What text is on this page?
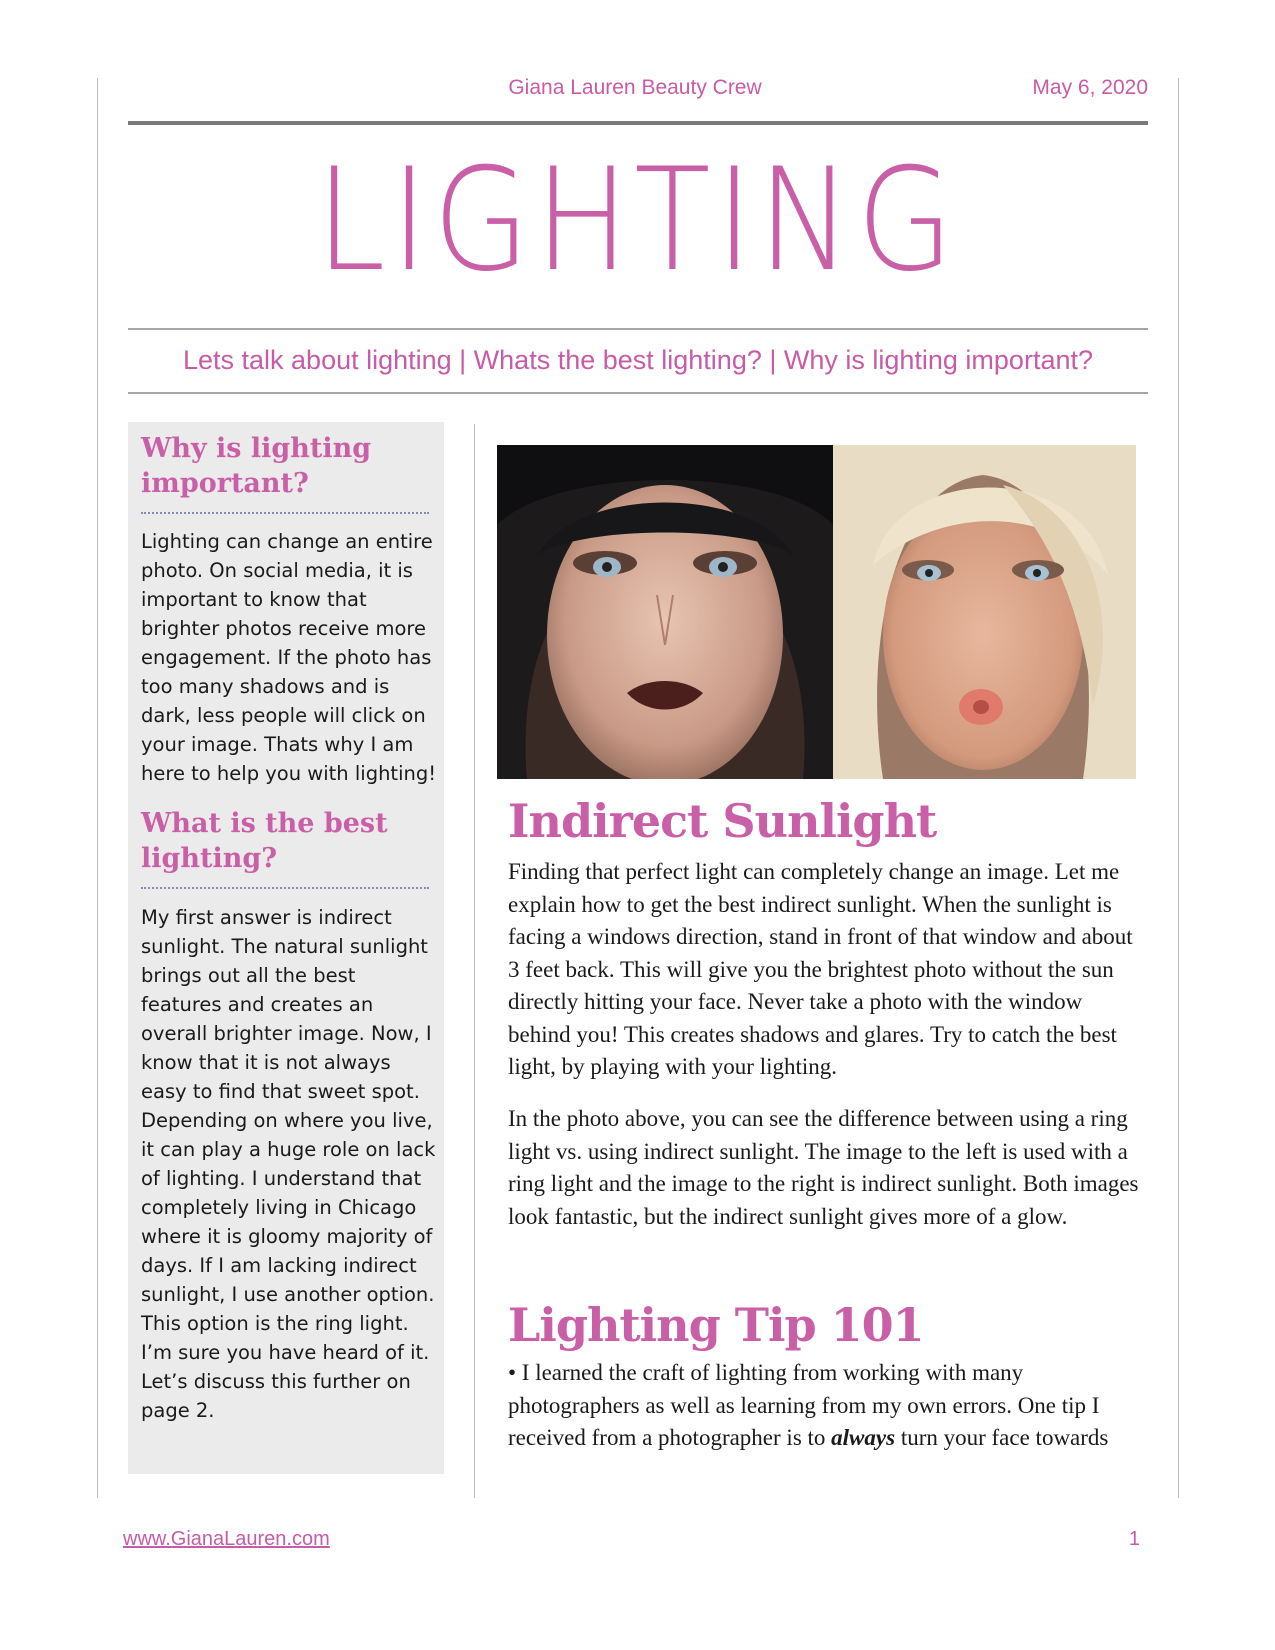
Giana Lauren Beauty Crew	May 6, 2020
LIGHTING
Lets talk about lighting | Whats the best lighting? | Why is lighting important?
Why is lighting important?
Lighting can change an entire photo. On social media, it is important to know that brighter photos receive more engagement. If the photo has too many shadows and is dark, less people will click on your image. Thats why I am here to help you with lighting!
What is the best lighting?
My first answer is indirect sunlight. The natural sunlight brings out all the best features and creates an overall brighter image. Now, I know that it is not always easy to find that sweet spot. Depending on where you live, it can play a huge role on lack of lighting. I understand that completely living in Chicago where it is gloomy majority of days. If I am lacking indirect sunlight, I use another option. This option is the ring light. I’m sure you have heard of it. Let’s discuss this further on page 2.
Indirect Sunlight
Finding that perfect light can completely change an image. Let me explain how to get the best indirect sunlight. When the sunlight is facing a windows direction, stand in front of that window and about 3 feet back. This will give you the brightest photo without the sun directly hitting your face. Never take a photo with the window behind you! This creates shadows and glares. Try to catch the best light, by playing with your lighting.
In the photo above, you can see the difference between using a ring light vs. using indirect sunlight. The image to the left is used with a ring light and the image to the right is indirect sunlight. Both images look fantastic, but the indirect sunlight gives more of a glow.
Lighting Tip 101
• I learned the craft of lighting from working with many photographers as well as learning from my own errors. One tip I received from a photographer is to always turn your face towards
www.GianaLauren.com	1
